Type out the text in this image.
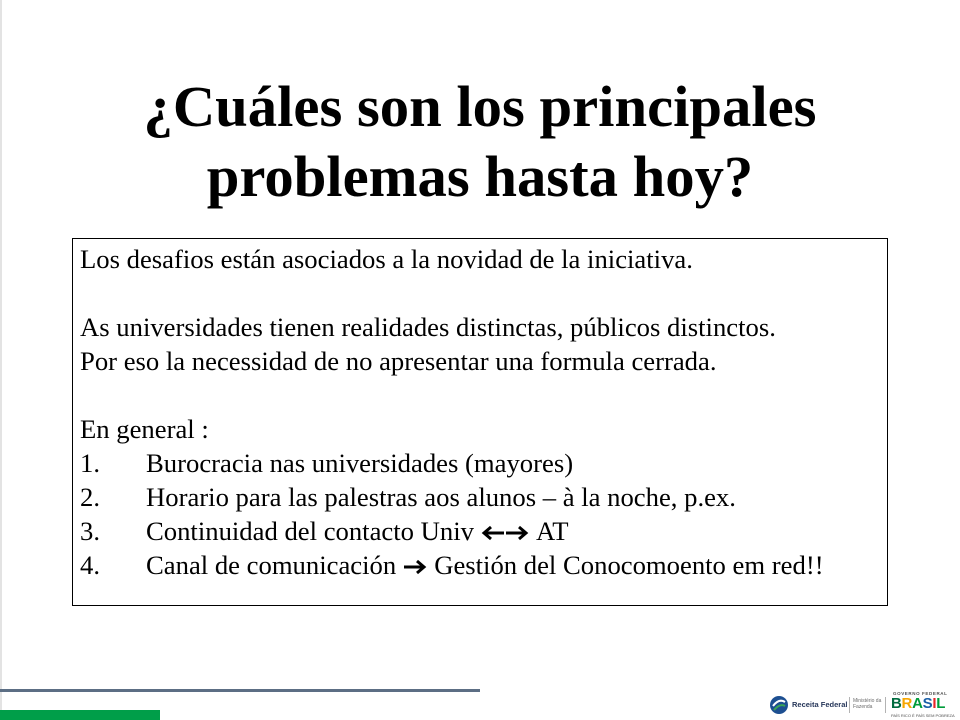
¿Cuáles son los principales
problemas hasta hoy?
Los desafios están asociados a la novidad de la iniciativa.
As universidades tienen realidades distinctas, públicos distinctos.
Por eso la necessidad de no apresentar una formula cerrada.
En general :
1.	Burocracia nas universidades (mayores)
2.	Horario para las palestras aos alunos – à la noche, p.ex.
3.	Continuidad del contacto Univ AT
4.	Canal de comunicación Gestión del Conocomoento em red!!
Receita Federal Ministério da
Fazenda
GOVERNO FEDERAL
BRASIL
PAÍS RICO É PAÍS SEM POBREZA
